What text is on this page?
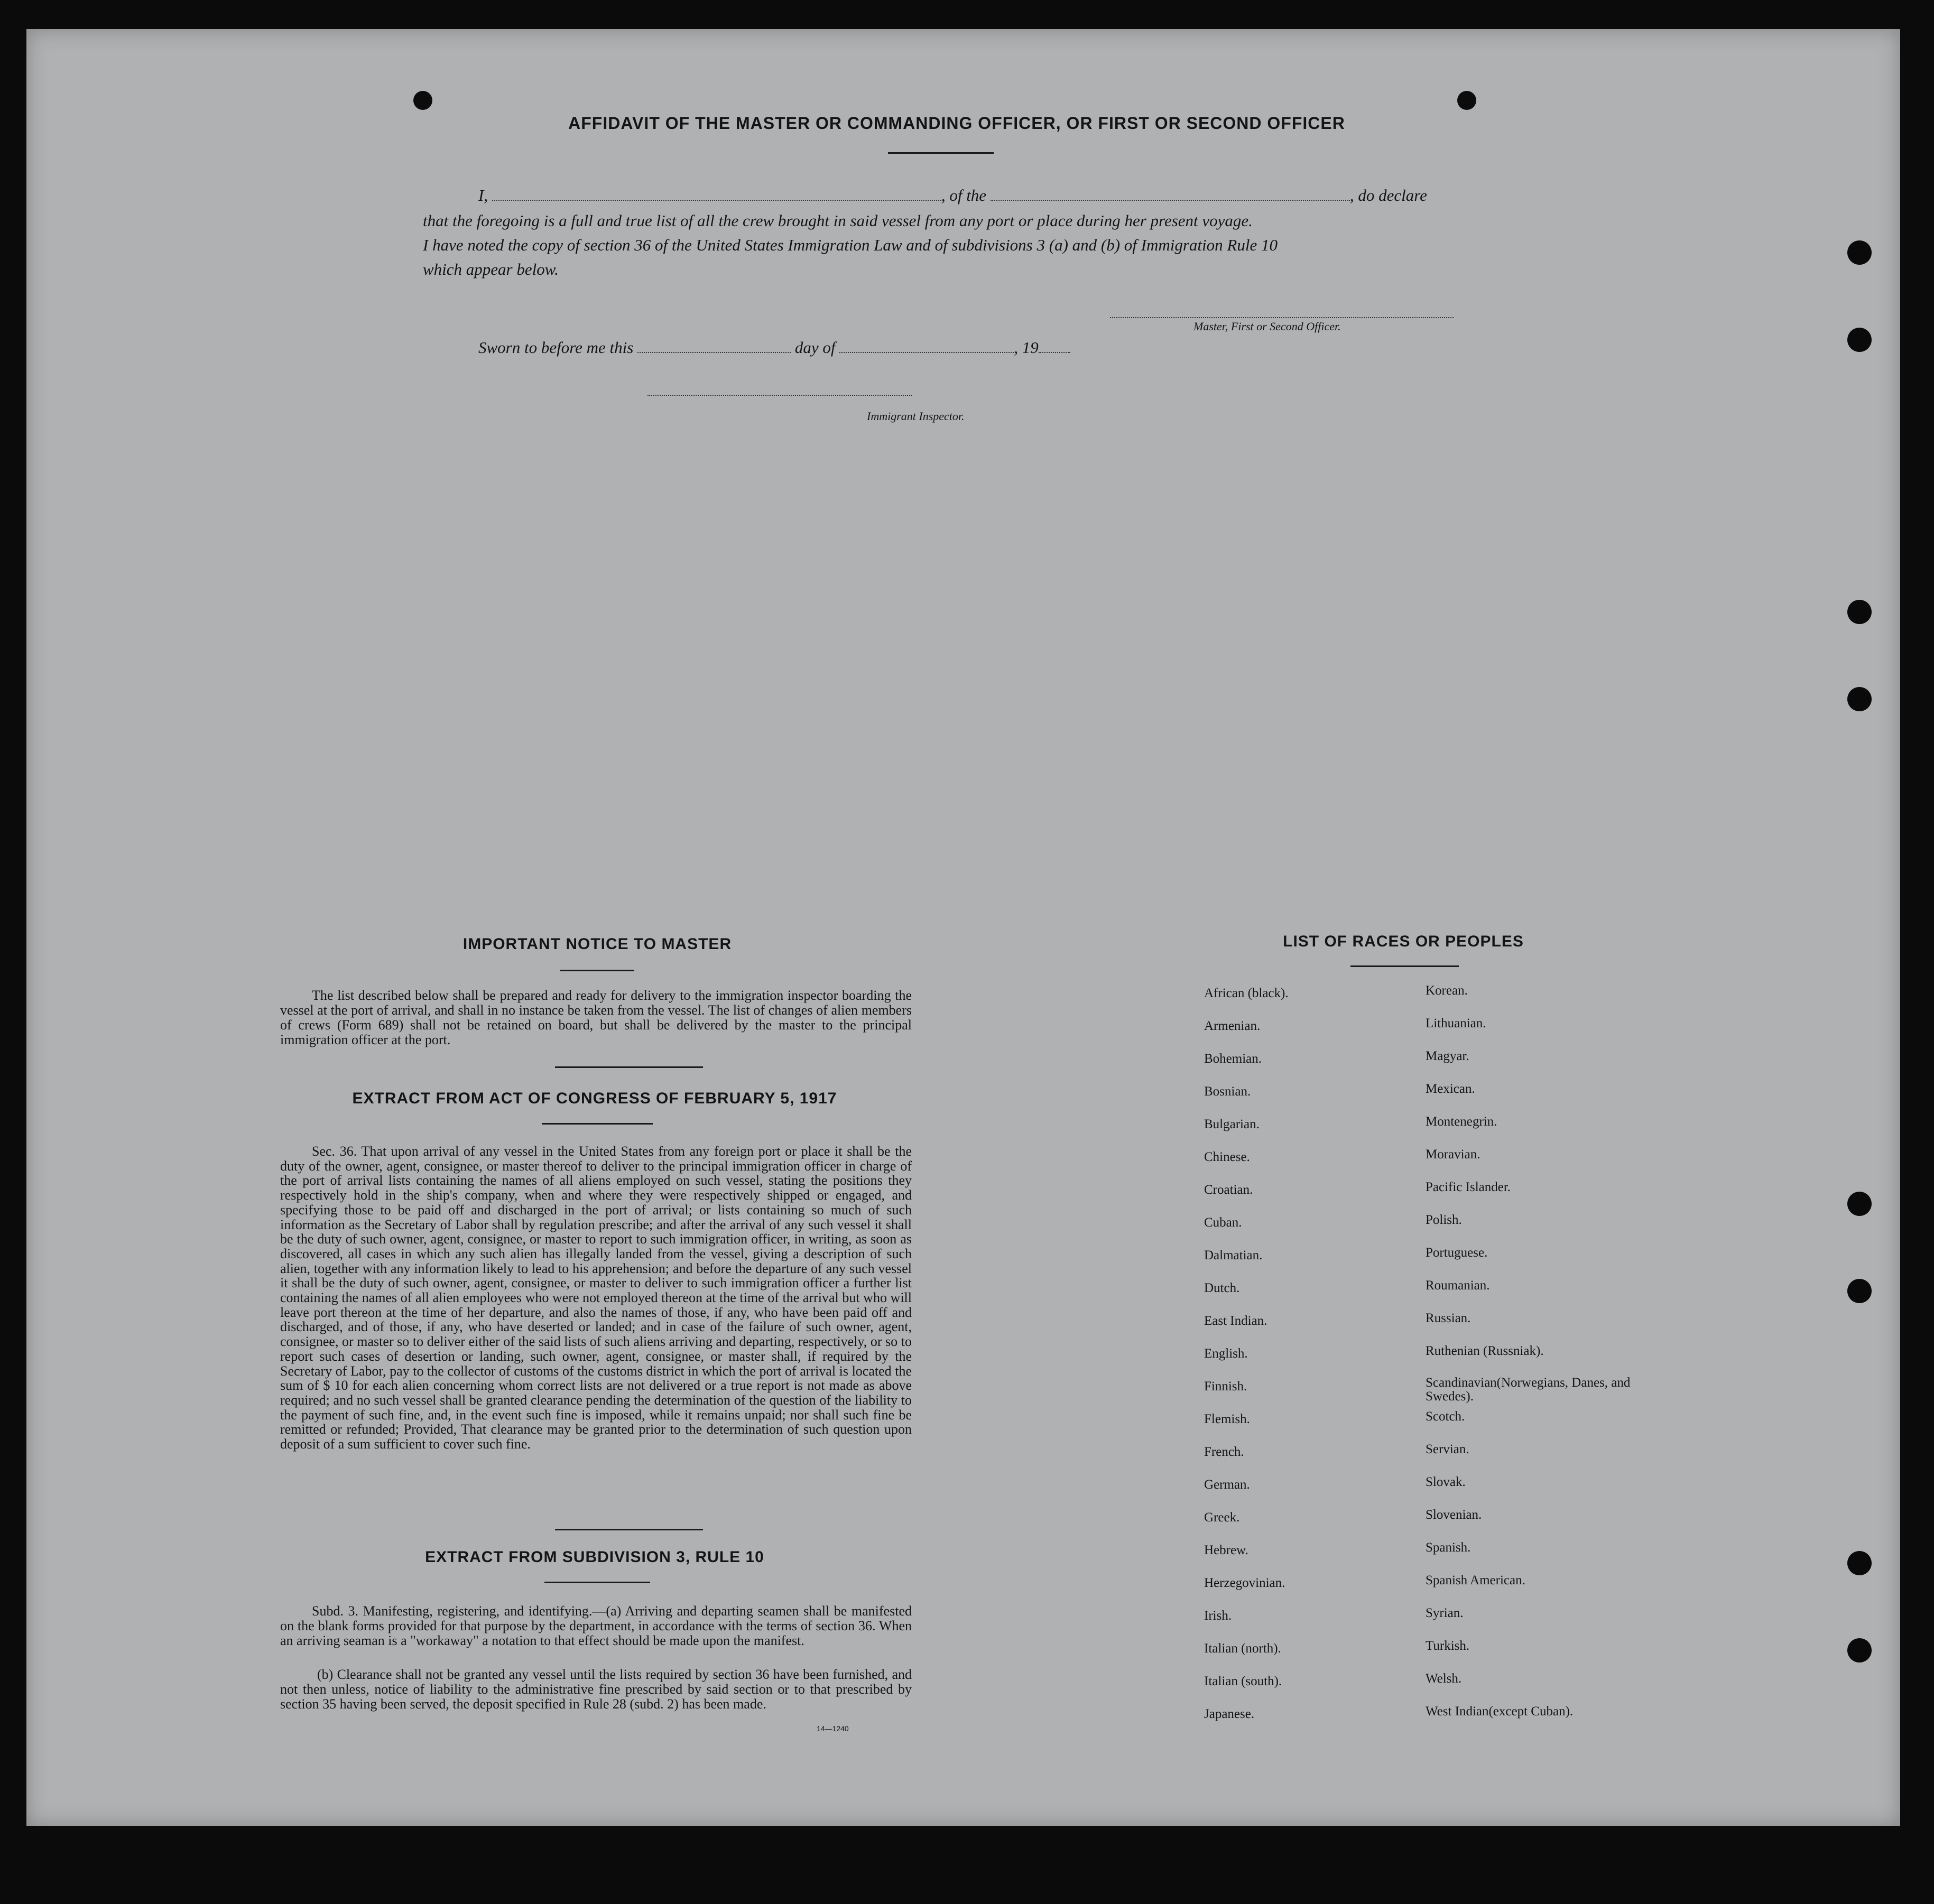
AFFIDAVIT OF THE MASTER OR COMMANDING OFFICER, OR FIRST OR SECOND OFFICER
I,	, of the	, do declare
that the foregoing is a full and true list of all the crew brought in said vessel from any port or place during her present voyage.
I have noted the copy of section 36 of the United States Immigration Law and of subdivisions 3 (a) and (b) of Immigration Rule 10
which appear below.
Master, First or Second Officer.
Sworn to before me this	day of	, 19
Immigrant Inspector.
IMPORTANT NOTICE TO MASTER
The list described below shall be prepared and ready for delivery to the immigration inspector boarding the vessel at the port of arrival, and shall in no instance be taken from the vessel. The list of changes of alien members of crews (Form 689) shall not be retained on board, but shall be delivered by the master to the principal immigration officer at the port.
EXTRACT FROM ACT OF CONGRESS OF FEBRUARY 5, 1917
Sec. 36. That upon arrival of any vessel in the United States from any foreign port or place it shall be the duty of the owner, agent, consignee, or master thereof to deliver to the principal immigration officer in charge of the port of arrival lists containing the names of all aliens employed on such vessel, stating the positions they respectively hold in the ship's company, when and where they were respectively shipped or engaged, and specifying those to be paid off and discharged in the port of arrival; or lists containing so much of such information as the Secretary of Labor shall by regulation prescribe; and after the arrival of any such vessel it shall be the duty of such owner, agent, consignee, or master to report to such immigration officer, in writing, as soon as discovered, all cases in which any such alien has illegally landed from the vessel, giving a description of such alien, together with any information likely to lead to his apprehension; and before the departure of any such vessel it shall be the duty of such owner, agent, consignee, or master to deliver to such immigration officer a further list containing the names of all alien employees who were not employed thereon at the time of the arrival but who will leave port thereon at the time of her departure, and also the names of those, if any, who have been paid off and discharged, and of those, if any, who have deserted or landed; and in case of the failure of such owner, agent, consignee, or master so to deliver either of the said lists of such aliens arriving and departing, respectively, or so to report such cases of desertion or landing, such owner, agent, consignee, or master shall, if required by the Secretary of Labor, pay to the collector of customs of the customs district in which the port of arrival is located the sum of $ 10 for each alien concerning whom correct lists are not delivered or a true report is not made as above required; and no such vessel shall be granted clearance pending the determination of the question of the liability to the payment of such fine, and, in the event such fine is imposed, while it remains unpaid; nor shall such fine be remitted or refunded; Provided, That clearance may be granted prior to the determination of such question upon deposit of a sum sufficient to cover such fine.
EXTRACT FROM SUBDIVISION 3, RULE 10
Subd. 3. Manifesting, registering, and identifying.—(a) Arriving and departing seamen shall be manifested on the blank forms provided for that purpose by the department, in accordance with the terms of section 36. When an arriving seaman is a "workaway" a notation to that effect should be made upon the manifest.
(b) Clearance shall not be granted any vessel until the lists required by section 36 have been furnished, and not then unless, notice of liability to the administrative fine prescribed by said section or to that prescribed by section 35 having been served, the deposit specified in Rule 28 (subd. 2) has been made.
14—1240
LIST OF RACES OR PEOPLES
African (black).
Armenian.
Bohemian.
Bosnian.
Bulgarian.
Chinese.
Croatian.
Cuban.
Dalmatian.
Dutch.
East Indian.
English.
Finnish.
Flemish.
French.
German.
Greek.
Hebrew.
Herzegovinian.
Irish.
Italian (north).
Italian (south).
Japanese.
Korean.
Lithuanian.
Magyar.
Mexican.
Montenegrin.
Moravian.
Pacific Islander.
Polish.
Portuguese.
Roumanian.
Russian.
Ruthenian (Russniak).
Scandinavian(Norwegians, Danes, and Swedes).
Scotch.
Servian.
Slovak.
Slovenian.
Spanish.
Spanish American.
Syrian.
Turkish.
Welsh.
West Indian(except Cuban).
